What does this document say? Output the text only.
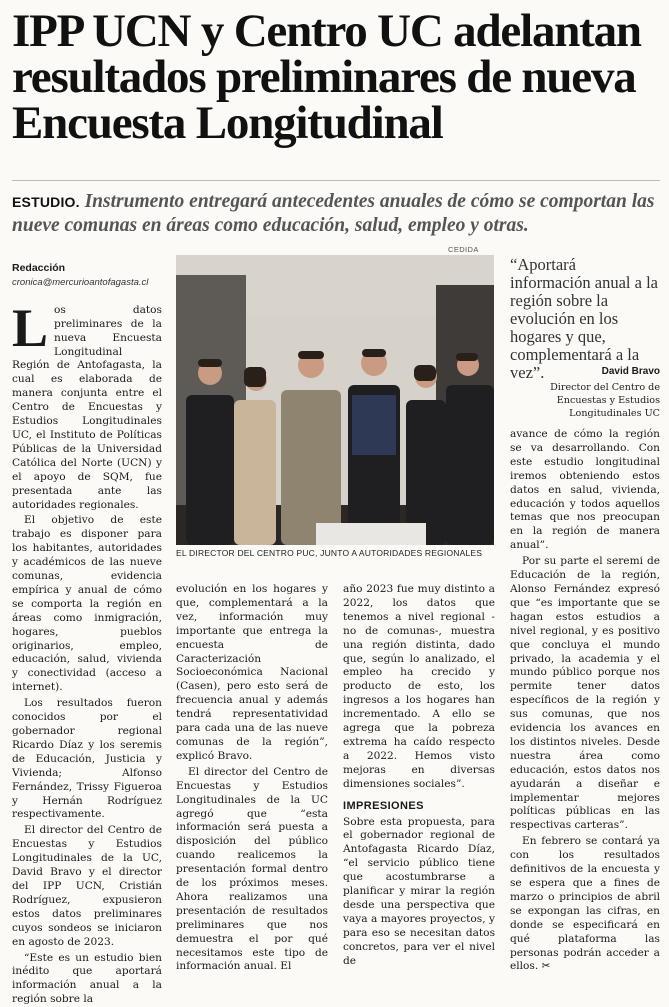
IPP UCN y Centro UC adelantan resultados preliminares de nueva Encuesta Longitudinal
ESTUDIO. Instrumento entregará antecedentes anuales de cómo se comportan las nueve comunas en áreas como educación, salud, empleo y otras.
Redacción
cronica@mercurioantofagasta.cl

Los datos preliminares de la nueva Encuesta Longitudinal Región de Antofagasta, la cual es elaborada de manera conjunta entre el Centro de Encuestas y Estudios Longitudinales UC, el Instituto de Políticas Públicas de la Universidad Católica del Norte (UCN) y el apoyo de SQM, fue presentada ante las autoridades regionales.

El objetivo de este trabajo es disponer para los habitantes, autoridades y académicos de las nueve comunas, evidencia empírica y anual de cómo se comporta la región en áreas como inmigración, hogares, pueblos originarios, empleo, educación, salud, vivienda y conectividad (acceso a internet).

Los resultados fueron conocidos por el gobernador regional Ricardo Díaz y los seremis de Educación, Justicia y Vivienda; Alfonso Fernández, Trissy Figueroa y Hernán Rodríguez respectivamente.

El director del Centro de Encuestas y Estudios Longitudinales de la UC, David Bravo y el director del IPP UCN, Cristián Rodríguez, expusieron estos datos preliminares cuyos sondeos se iniciaron en agosto de 2023.

“Este es un estudio bien inédito que aportará información anual a la región sobre la

CEDIDA
EL DIRECTOR DEL CENTRO PUC, JUNTO A AUTORIDADES REGIONALES

evolución en los hogares y que, complementará a la vez, información muy importante que entrega la encuesta de Caracterización Socioeconómica Nacional (Casen), pero esto será de frecuencia anual y además tendrá representatividad para cada una de las nueve comunas de la región”, explicó Bravo.

El director del Centro de Encuestas y Estudios Longitudinales de la UC agregó que “esta información será puesta a disposición del público cuando realicemos la presentación formal dentro de los próximos meses. Ahora realizamos una presentación de resultados preliminares que nos demuestra el por qué necesitamos este tipo de información anual. El

año 2023 fue muy distinto a 2022, los datos que tenemos a nivel regional -no de comunas-, muestra una región distinta, dado que, según lo analizado, el empleo ha crecido y producto de esto, los ingresos a los hogares han incrementado. A ello se agrega que la pobreza extrema ha caído respecto a 2022. Hemos visto mejoras en diversas dimensiones sociales”.

IMPRESIONES

Sobre esta propuesta, para el gobernador regional de Antofagasta Ricardo Díaz, “el servicio público tiene que acostumbrarse a planificar y mirar la región desde una perspectiva que vaya a mayores proyectos, y para eso se necesitan datos concretos, para ver el nivel de

“Aportará información anual a la región sobre la evolución en los hogares y que, complementará a la vez”.	David Bravo
Director del Centro de Encuestas y Estudios Longitudinales UC

avance de cómo la región se va desarrollando. Con este estudio longitudinal iremos obteniendo estos datos en salud, vivienda, educación y todos aquellos temas que nos preocupan en la región de manera anual”.

Por su parte el seremi de Educación de la región, Alonso Fernández expresó que “es importante que se hagan estos estudios a nivel regional, y es positivo que concluya el mundo privado, la academia y el mundo público porque nos permite tener datos específicos de la región y sus comunas, que nos evidencia los avances en los distintos niveles. Desde nuestra área como educación, estos datos nos ayudarán a diseñar e implementar mejores políticas públicas en las respectivas carteras”.

En febrero se contará ya con los resultados definitivos de la encuesta y se espera que a fines de marzo o principios de abril se expongan las cifras, en donde se especificará en qué plataforma las personas podrán acceder a ellos. ✂
